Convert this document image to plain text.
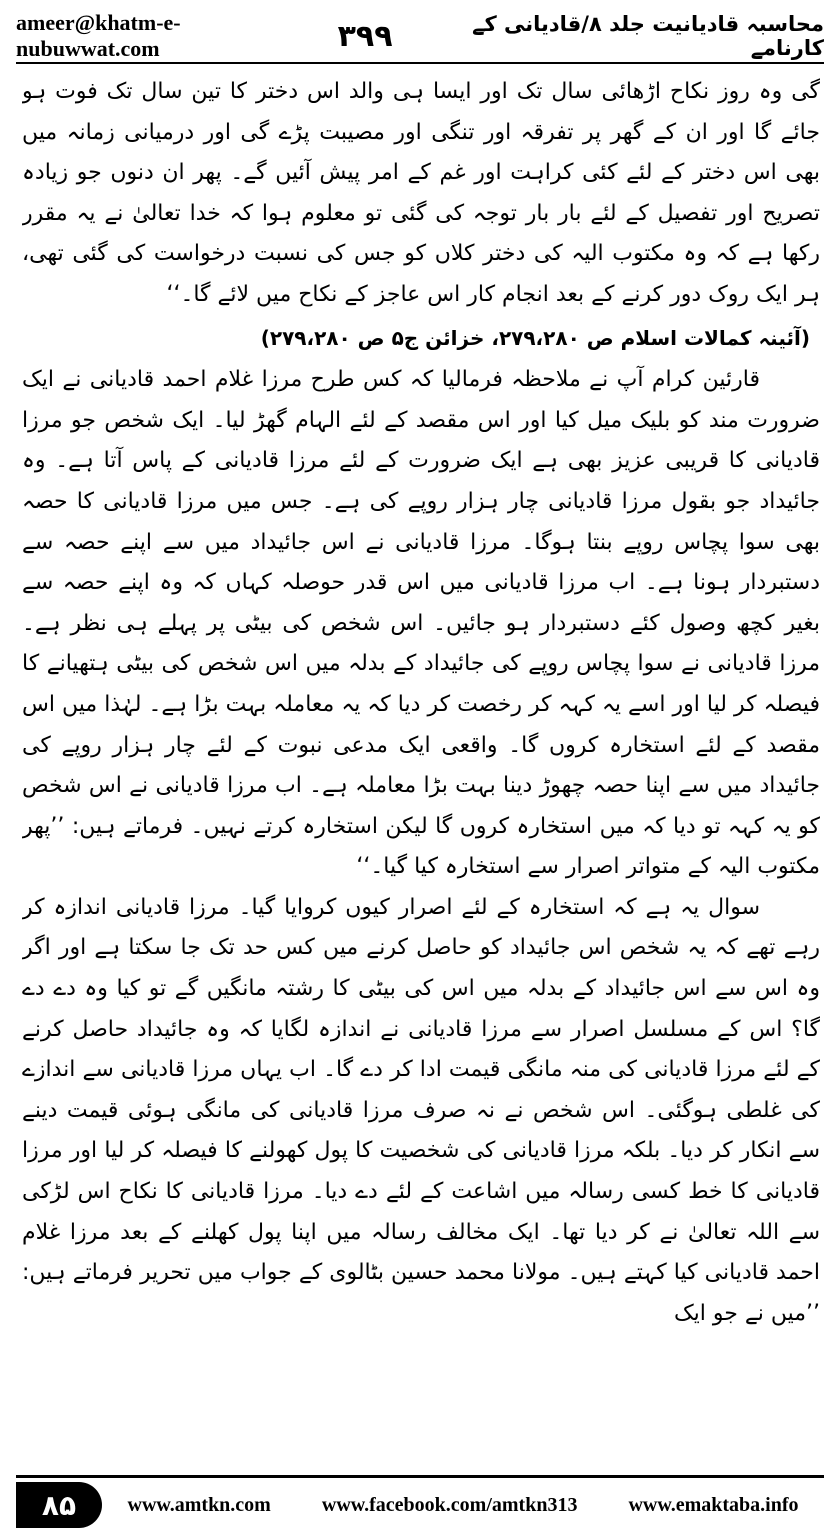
ameer@khatm-e-nubuwwat.com	۳۹۹	محاسبہ قادیانیت جلد ۸/قادیانی کے کارنامے

گی وہ روز نکاح اڑھائی سال تک اور ایسا ہی والد اس دختر کا تین سال تک فوت ہو جائے گا اور ان کے گھر پر تفرقہ اور تنگی اور مصیبت پڑے گی اور درمیانی زمانہ میں بھی اس دختر کے لئے کئی کراہت اور غم کے امر پیش آئیں گے۔ پھر ان دنوں جو زیادہ تصریح اور تفصیل کے لئے بار بار توجہ کی گئی تو معلوم ہوا کہ خدا تعالیٰ نے یہ مقرر رکھا ہے کہ وہ مکتوب الیہ کی دختر کلاں کو جس کی نسبت درخواست کی گئی تھی، ہر ایک روک دور کرنے کے بعد انجام کار اس عاجز کے نکاح میں لائے گا۔‘‘

(آئینہ کمالات اسلام ص ۲۷۹،۲۸۰، خزائن ج۵ ص ۲۷۹،۲۸۰)

قارئین کرام آپ نے ملاحظہ فرمالیا کہ کس طرح مرزا غلام احمد قادیانی نے ایک ضرورت مند کو بلیک میل کیا اور اس مقصد کے لئے الہام گھڑ لیا۔ ایک شخص جو مرزا قادیانی کا قریبی عزیز بھی ہے ایک ضرورت کے لئے مرزا قادیانی کے پاس آتا ہے۔ وہ جائیداد جو بقول مرزا قادیانی چار ہزار روپے کی ہے۔ جس میں مرزا قادیانی کا حصہ بھی سوا پچاس روپے بنتا ہوگا۔ مرزا قادیانی نے اس جائیداد میں سے اپنے حصہ سے دستبردار ہونا ہے۔ اب مرزا قادیانی میں اس قدر حوصلہ کہاں کہ وہ اپنے حصہ سے بغیر کچھ وصول کئے دستبردار ہو جائیں۔ اس شخص کی بیٹی پر پہلے ہی نظر ہے۔ مرزا قادیانی نے سوا پچاس روپے کی جائیداد کے بدلہ میں اس شخص کی بیٹی ہتھیانے کا فیصلہ کر لیا اور اسے یہ کہہ کر رخصت کر دیا کہ یہ معاملہ بہت بڑا ہے۔ لہٰذا میں اس مقصد کے لئے استخارہ کروں گا۔ واقعی ایک مدعی نبوت کے لئے چار ہزار روپے کی جائیداد میں سے اپنا حصہ چھوڑ دینا بہت بڑا معاملہ ہے۔ اب مرزا قادیانی نے اس شخص کو یہ کہہ تو دیا کہ میں استخارہ کروں گا لیکن استخارہ کرتے نہیں۔ فرماتے ہیں: ’’پھر مکتوب الیہ کے متواتر اصرار سے استخارہ کیا گیا۔‘‘

سوال یہ ہے کہ استخارہ کے لئے اصرار کیوں کروایا گیا۔ مرزا قادیانی اندازہ کر رہے تھے کہ یہ شخص اس جائیداد کو حاصل کرنے میں کس حد تک جا سکتا ہے اور اگر وہ اس سے اس جائیداد کے بدلہ میں اس کی بیٹی کا رشتہ مانگیں گے تو کیا وہ دے دے گا؟ اس کے مسلسل اصرار سے مرزا قادیانی نے اندازہ لگایا کہ وہ جائیداد حاصل کرنے کے لئے مرزا قادیانی کی منہ مانگی قیمت ادا کر دے گا۔ اب یہاں مرزا قادیانی سے اندازے کی غلطی ہوگئی۔ اس شخص نے نہ صرف مرزا قادیانی کی مانگی ہوئی قیمت دینے سے انکار کر دیا۔ بلکہ مرزا قادیانی کی شخصیت کا پول کھولنے کا فیصلہ کر لیا اور مرزا قادیانی کا خط کسی رسالہ میں اشاعت کے لئے دے دیا۔ مرزا قادیانی کا نکاح اس لڑکی سے اللہ تعالیٰ نے کر دیا تھا۔ ایک مخالف رسالہ میں اپنا پول کھلنے کے بعد مرزا غلام احمد قادیانی کیا کہتے ہیں۔ مولانا محمد حسین بٹالوی کے جواب میں تحریر فرماتے ہیں: ’’میں نے جو ایک

۸۵	www.amtkn.com	www.facebook.com/amtkn313	www.emaktaba.info
